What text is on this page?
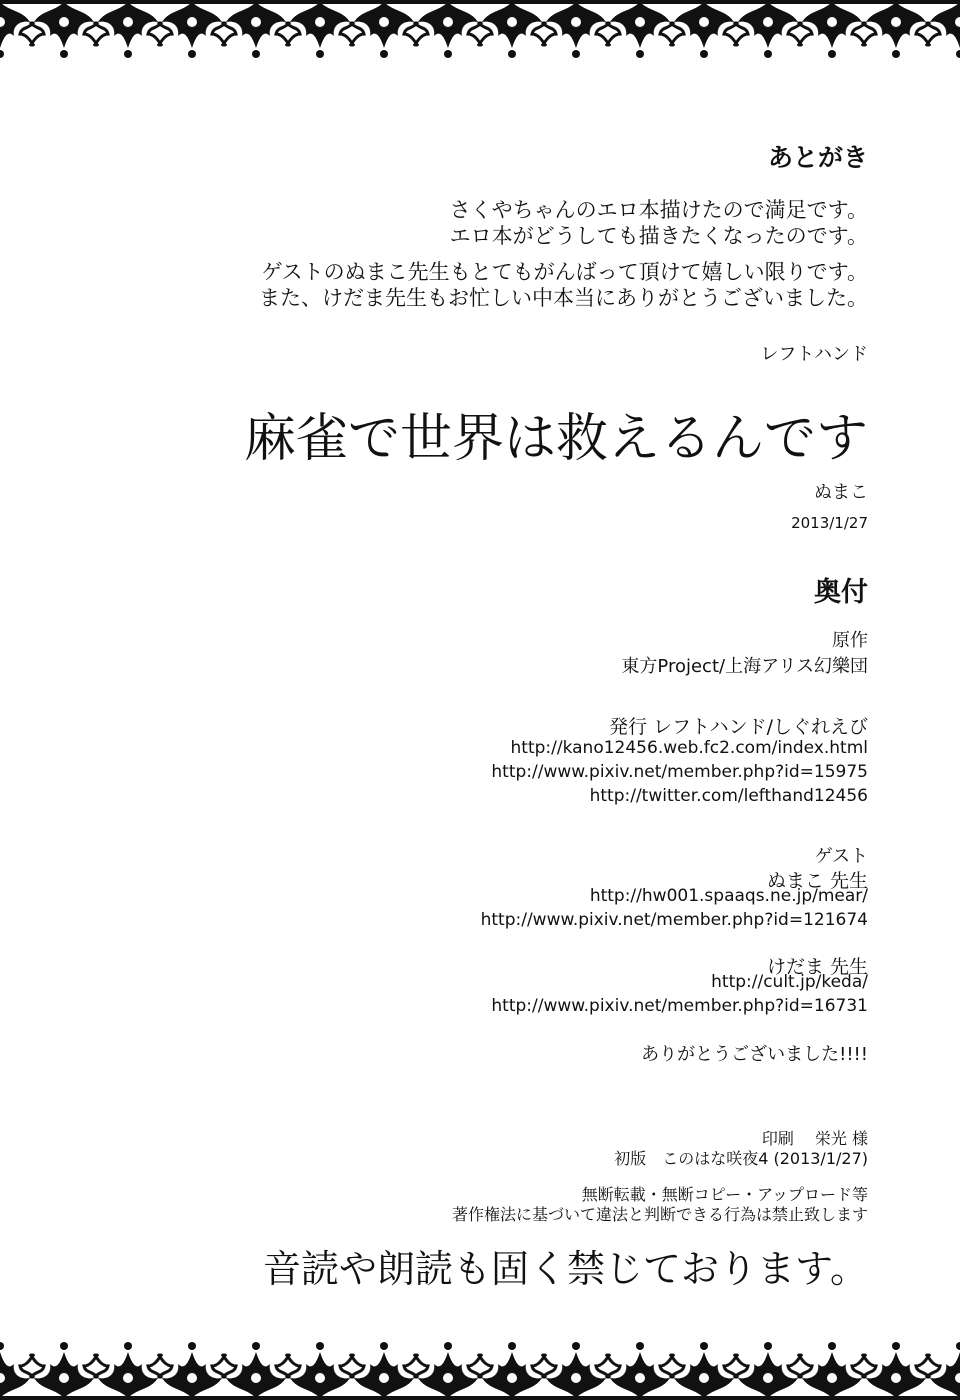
あとがき
さくやちゃんのエロ本描けたので満足です。
エロ本がどうしても描きたくなったのです。
ゲストのぬまこ先生もとてもがんばって頂けて嬉しい限りです。
また、けだま先生もお忙しい中本当にありがとうございました。
レフトハンド
麻雀で世界は救えるんです
ぬまこ
2013/1/27
奥付
原作
東方Project/上海アリス幻樂団
発行 レフトハンド/しぐれえび
http://kano12456.web.fc2.com/index.html
http://www.pixiv.net/member.php?id=15975
http://twitter.com/lefthand12456
ゲスト
ぬまこ 先生
http://hw001.spaaqs.ne.jp/mear/
http://www.pixiv.net/member.php?id=121674
けだま 先生
http://cult.jp/keda/
http://www.pixiv.net/member.php?id=16731
ありがとうございました!!!!
印刷　 栄光 様
初版　このはな咲夜4 (2013/1/27)
無断転載・無断コピー・アップロード等
著作権法に基づいて違法と判断できる行為は禁止致します
音読や朗読も固く禁じております。
